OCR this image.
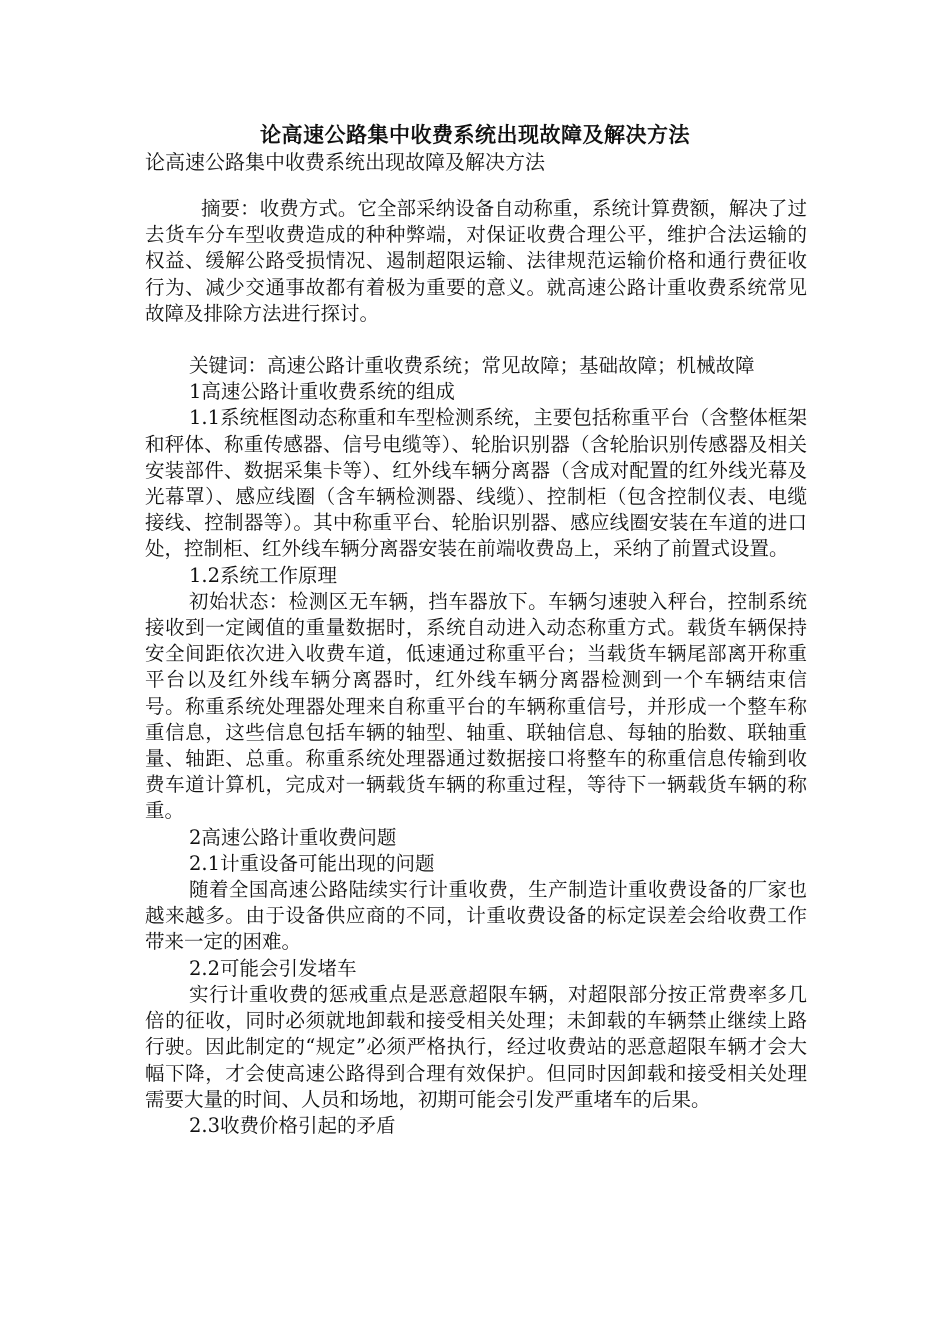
论高速公路集中收费系统出现故障及解决方法
论高速公路集中收费系统出现故障及解决方法

摘要：收费方式。它全部采纳设备自动称重，系统计算费额，解决了过去货车分车型收费造成的种种弊端，对保证收费合理公平，维护合法运输的权益、缓解公路受损情况、遏制超限运输、法律规范运输价格和通行费征收行为、减少交通事故都有着极为重要的意义。就高速公路计重收费系统常见故障及排除方法进行探讨。

关键词：高速公路计重收费系统；常见故障；基础故障；机械故障

1高速公路计重收费系统的组成

1.1系统框图动态称重和车型检测系统，主要包括称重平台（含整体框架和秤体、称重传感器、信号电缆等）、轮胎识别器（含轮胎识别传感器及相关安装部件、数据采集卡等）、红外线车辆分离器（含成对配置的红外线光幕及光幕罩）、感应线圈（含车辆检测器、线缆）、控制柜（包含控制仪表、电缆接线、控制器等）。其中称重平台、轮胎识别器、感应线圈安装在车道的进口处，控制柜、红外线车辆分离器安装在前端收费岛上，采纳了前置式设置。

1.2系统工作原理

初始状态：检测区无车辆，挡车器放下。车辆匀速驶入秤台，控制系统接收到一定阈值的重量数据时，系统自动进入动态称重方式。载货车辆保持安全间距依次进入收费车道，低速通过称重平台；当载货车辆尾部离开称重平台以及红外线车辆分离器时，红外线车辆分离器检测到一个车辆结束信号。称重系统处理器处理来自称重平台的车辆称重信号，并形成一个整车称重信息，这些信息包括车辆的轴型、轴重、联轴信息、每轴的胎数、联轴重量、轴距、总重。称重系统处理器通过数据接口将整车的称重信息传输到收费车道计算机，完成对一辆载货车辆的称重过程，等待下一辆载货车辆的称重。

2高速公路计重收费问题

2.1计重设备可能出现的问题

随着全国高速公路陆续实行计重收费，生产制造计重收费设备的厂家也越来越多。由于设备供应商的不同，计重收费设备的标定误差会给收费工作带来一定的困难。

2.2可能会引发堵车

实行计重收费的惩戒重点是恶意超限车辆，对超限部分按正常费率多几倍的征收，同时必须就地卸载和接受相关处理；未卸载的车辆禁止继续上路行驶。因此制定的“规定”必须严格执行，经过收费站的恶意超限车辆才会大幅下降，才会使高速公路得到合理有效保护。但同时因卸载和接受相关处理需要大量的时间、人员和场地，初期可能会引发严重堵车的后果。

2.3收费价格引起的矛盾
